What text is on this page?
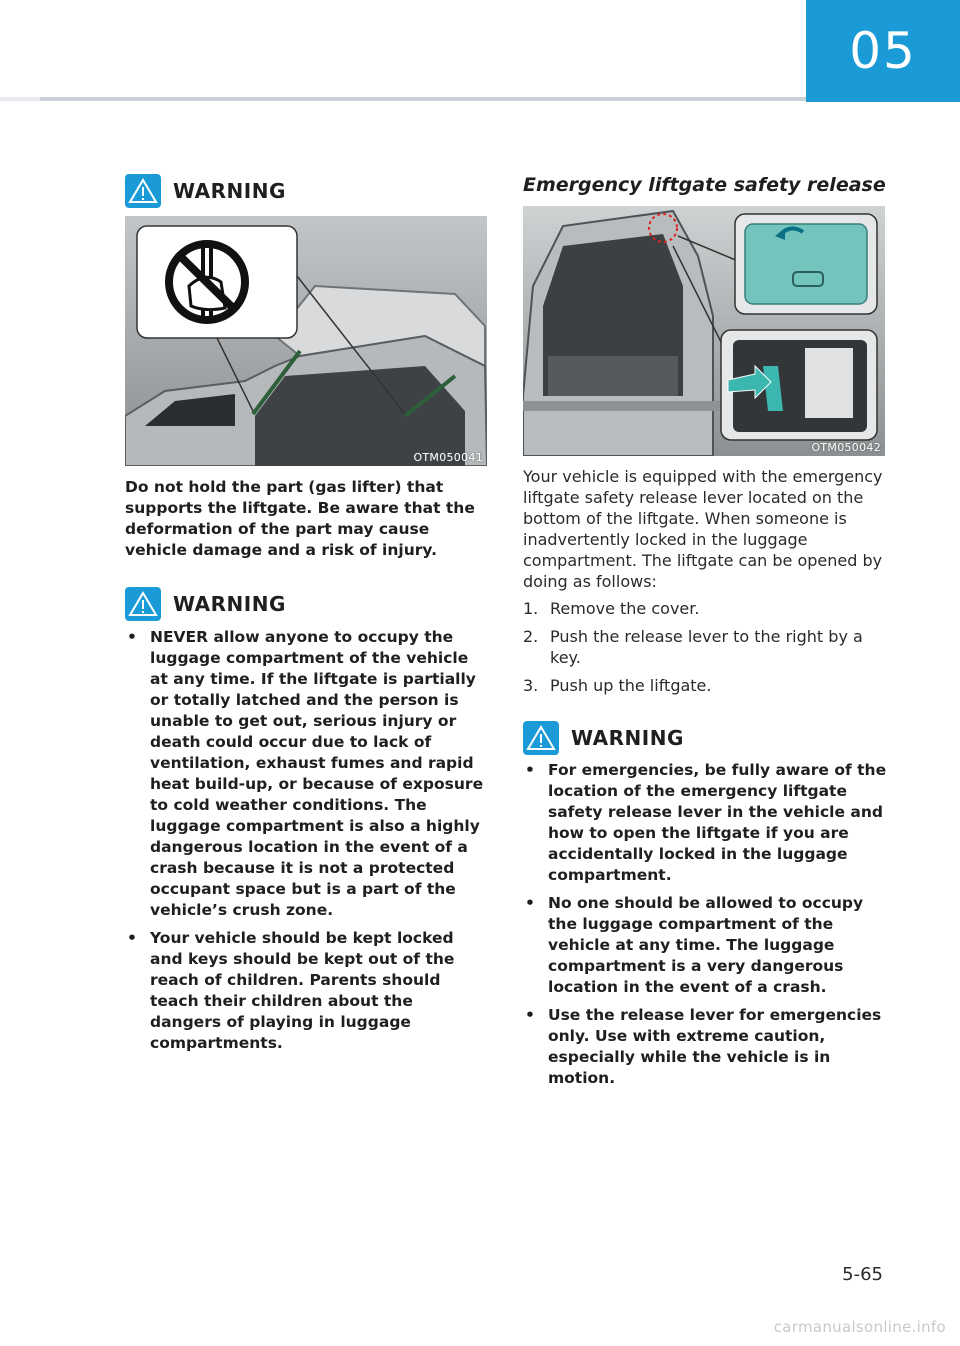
05
WARNING
OTM050041

Do not hold the part (gas lifter) that supports the liftgate. Be aware that the deformation of the part may cause vehicle damage and a risk of injury.

WARNING
• NEVER allow anyone to occupy the luggage compartment of the vehicle at any time. If the liftgate is partially or totally latched and the person is unable to get out, serious injury or death could occur due to lack of ventilation, exhaust fumes and rapid heat build-up, or because of exposure to cold weather conditions. The luggage compartment is also a highly dangerous location in the event of a crash because it is not a protected occupant space but is a part of the vehicle’s crush zone.
• Your vehicle should be kept locked and keys should be kept out of the reach of children. Parents should teach their children about the dangers of playing in luggage compartments.
Emergency liftgate safety release
OTM050042

Your vehicle is equipped with the emergency liftgate safety release lever located on the bottom of the liftgate. When someone is inadvertently locked in the luggage compartment. The liftgate can be opened by doing as follows:

1. Remove the cover.
2. Push the release lever to the right by a key.
3. Push up the liftgate.
WARNING
• For emergencies, be fully aware of the location of the emergency liftgate safety release lever in the vehicle and how to open the liftgate if you are accidentally locked in the luggage compartment.
• No one should be allowed to occupy the luggage compartment of the vehicle at any time. The luggage compartment is a very dangerous location in the event of a crash.
• Use the release lever for emergencies only. Use with extreme caution, especially while the vehicle is in motion.
5-65
carmanualsonline.info
